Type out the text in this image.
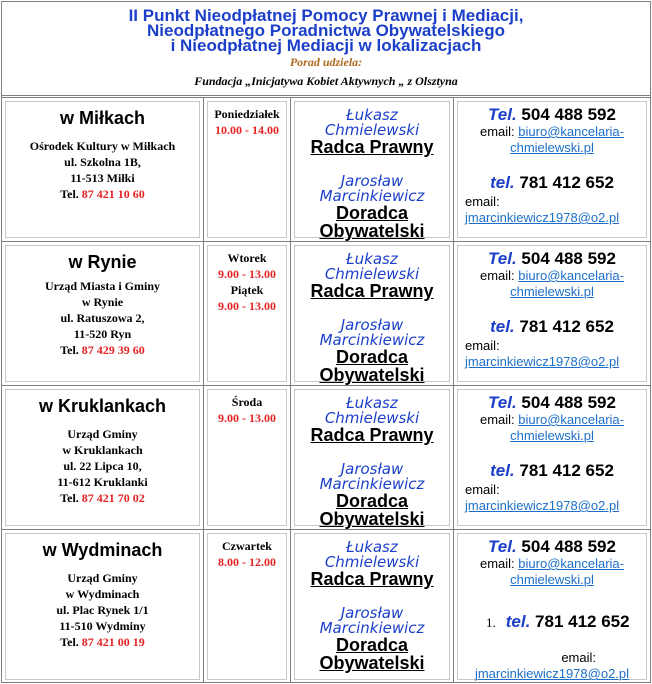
II Punkt Nieodpłatnej Pomocy Prawnej i Mediacji,
Nieodpłatnego Poradnictwa Obywatelskiego
i Nieodpłatnej Mediacji w lokalizacjach
Porad udziela:
Fundacja „Inicjatywa Kobiet Aktywnych „ z Olsztyna
w Miłkach
Ośrodek Kultury w Miłkach
ul. Szkolna 1B,
11-513 Miłki
Tel. 87 421 10 60
Poniedziałek
10.00 - 14.00
Łukasz
Chmielewski
Radca Prawny
Jarosław
Marcinkiewicz
Doradca
Obywatelski
Tel. 504 488 592
email: biuro@kancelaria-
chmielewski.pl
tel. 781 412 652
email:
jmarcinkiewicz1978@o2.pl
w Rynie
Urząd Miasta i Gminy
w Rynie
ul. Ratuszowa 2,
11-520 Ryn
Tel. 87 429 39 60
Wtorek
9.00 - 13.00
Piątek
9.00 - 13.00
Łukasz
Chmielewski
Radca Prawny
Jarosław
Marcinkiewicz
Doradca
Obywatelski
Tel. 504 488 592
email: biuro@kancelaria-
chmielewski.pl
tel. 781 412 652
email:
jmarcinkiewicz1978@o2.pl
w Kruklankach
Urząd Gminy
w Kruklankach
ul. 22 Lipca 10,
11-612 Kruklanki
Tel. 87 421 70 02
Środa
9.00 - 13.00
Łukasz
Chmielewski
Radca Prawny
Jarosław
Marcinkiewicz
Doradca
Obywatelski
Tel. 504 488 592
email: biuro@kancelaria-
chmielewski.pl
tel. 781 412 652
email:
jmarcinkiewicz1978@o2.pl
w Wydminach
Urząd Gminy
w Wydminach
ul. Plac Rynek 1/1
11-510 Wydminy
Tel. 87 421 00 19
Czwartek
8.00 - 12.00
Łukasz
Chmielewski
Radca Prawny
Jarosław
Marcinkiewicz
Doradca
Obywatelski
Tel. 504 488 592
email: biuro@kancelaria-
chmielewski.pl
1. tel. 781 412 652
email:
jmarcinkiewicz1978@o2.pl
